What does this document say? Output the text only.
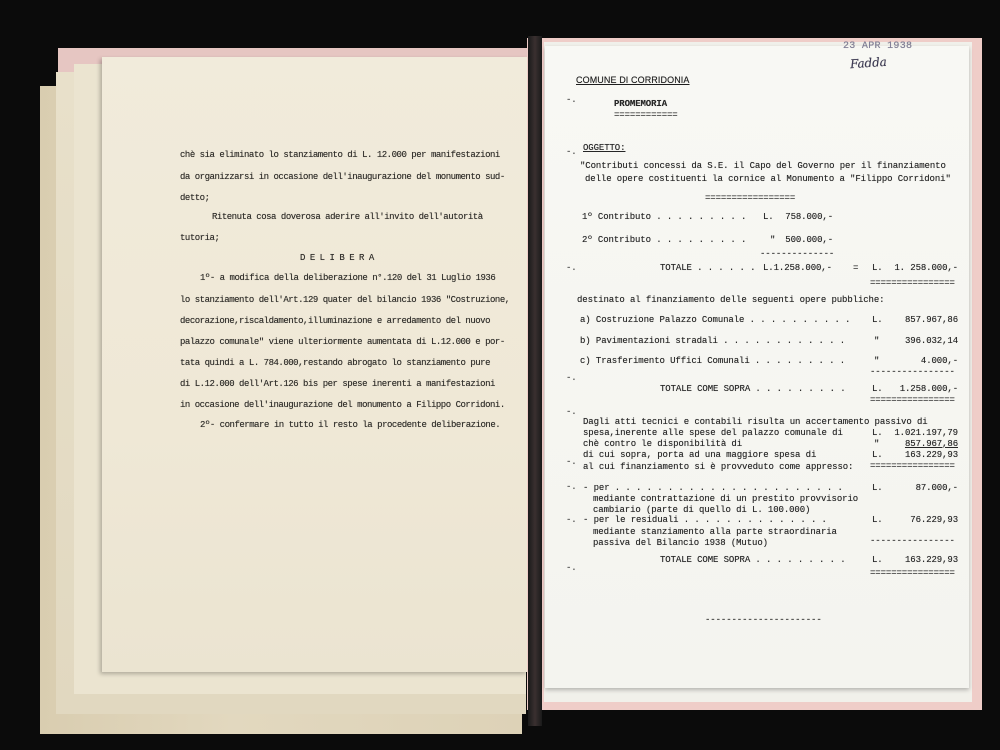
chè sia eliminato lo stanziamento di L. 12.000 per manifestazioni
da organizzarsi in occasione dell'inaugurazione del monumento sud-
detto;
Ritenuta cosa doverosa aderire all'invito dell'autorità
tutoria;
D E L I B E R A
1º- a modifica della deliberazione n°.120 del 31 Luglio 1936
lo stanziamento dell'Art.129 quater del bilancio 1936 "Costruzione,
decorazione,riscaldamento,illuminazione e arredamento del nuovo
palazzo comunale" viene ulteriormente aumentata di L.12.000 e por-
tata quindi a L. 784.000,restando abrogato lo stanziamento pure
di L.12.000 dell'Art.126 bis per spese inerenti a manifestazioni
in occasione dell'inaugurazione del monumento a Filippo Corridoni.
2º- confermare in tutto il resto la procedente deliberazione.
23 APR 1938
Fadda
COMUNE DI CORRIDONIA
-.
-.
-.
-.
-.
-.
-.
-.
-.
PROMEMORIA
============
OGGETTO:
"Contributi concessi da S.E. il Capo del Governo per il finanziamento
delle opere costituenti la cornice al Monumento a "Filippo Corridoni"
=================
1º Contributo . . . . . . . . . L. 758.000,-
2º Contributo . . . . . . . . .	" 500.000,-
--------------
TOTALE . . . . . . L.1.258.000,- = L. 1. 258.000,-
================
destinato al finanziamento delle seguenti opere pubbliche:
a) Costruzione Palazzo Comunale . . . . . . . . . . L. 857.967,86
b) Pavimentazioni stradali . . . . . . . . . . . .	"	396.032,14
c) Trasferimento Uffici Comunali . . . . . . . . .	"	4.000,-
----------------
TOTALE COME SOPRA . . . . . . . . .	L. 1.258.000,-
================
Dagli atti tecnici e contabili risulta un accertamento passivo di
spesa,inerente alle spese del palazzo comunale di	L. 1.021.197,79
chè contro le disponibilità di	"	857.967,86
di cui sopra, porta ad una maggiore spesa di	L. 163.229,93
================
al cui finanziamento si è provveduto come appresso:
- per . . . . . . . . . . . . . . . . . . . . . .	L.	87.000,-
mediante contrattazione di un prestito provvisorio
cambiario (parte di quello di L. 100.000)
- per le residuali . . . . . . . . . . . . . .	L.	76.229,93
mediante stanziamento alla parte straordinaria
passiva del Bilancio 1938 (Mutuo)	----------------
TOTALE COME SOPRA . . . . . . . . .	L. 163.229,93
================
----------------------
